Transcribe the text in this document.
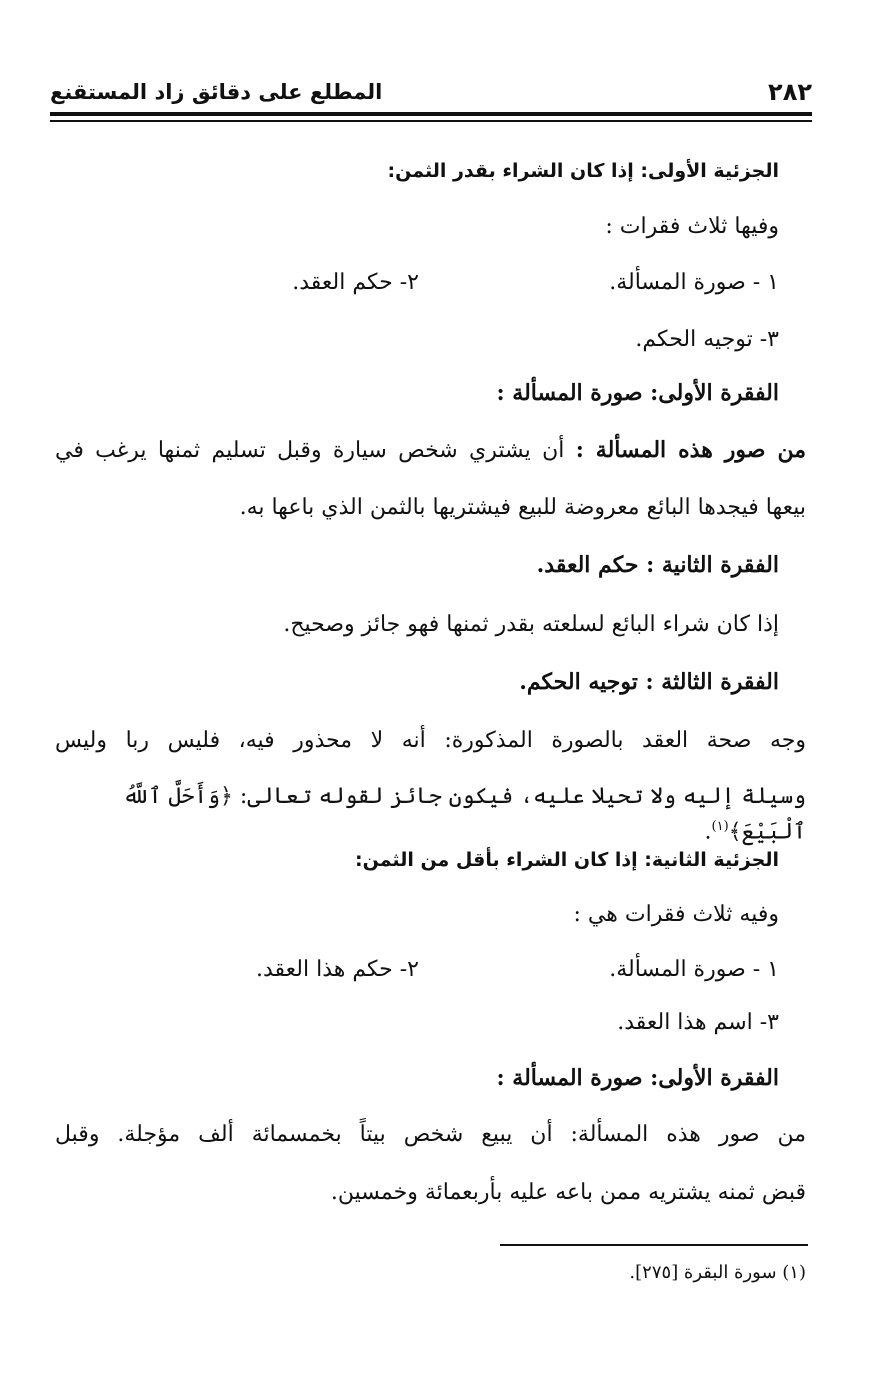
٢٨٢
المطلع على دقائق زاد المستقنع
الجزئية الأولى: إذا كان الشراء بقدر الثمن:
وفيها ثلاث فقرات :
١ - صورة المسألة.
٢- حكم العقد.
٣- توجيه الحكم.
الفقرة الأولى: صورة المسألة :
من صور هذه المسألة : أن يشتري شخص سيارة وقبل تسليم ثمنها يرغب في
بيعها فيجدها البائع معروضة للبيع فيشتريها بالثمن الذي باعها به.
الفقرة الثانية : حكم العقد.
إذا كان شراء البائع لسلعته بقدر ثمنها فهو جائز وصحيح.
الفقرة الثالثة : توجيه الحكم.
وجه صحة العقد بالصورة المذكورة: أنه لا محذور فيه، فليس ربا وليس
وسيلة إليه ولا تحيلا عليه، فيكون جائز لقوله تعالى: ﴿وَأَحَلَّ ٱللَّهُ ٱلْبَيْعَ﴾$^{(١)}$.
الجزئية الثانية: إذا كان الشراء بأقل من الثمن:
وفيه ثلاث فقرات هي :
١ - صورة المسألة.
٢- حكم هذا العقد.
٣- اسم هذا العقد.
الفقرة الأولى: صورة المسألة :
من صور هذه المسألة: أن يبيع شخص بيتاً بخمسمائة ألف مؤجلة. وقبل
قبض ثمنه يشتريه ممن باعه عليه بأربعمائة وخمسين.
(١) سورة البقرة [٢٧٥].
